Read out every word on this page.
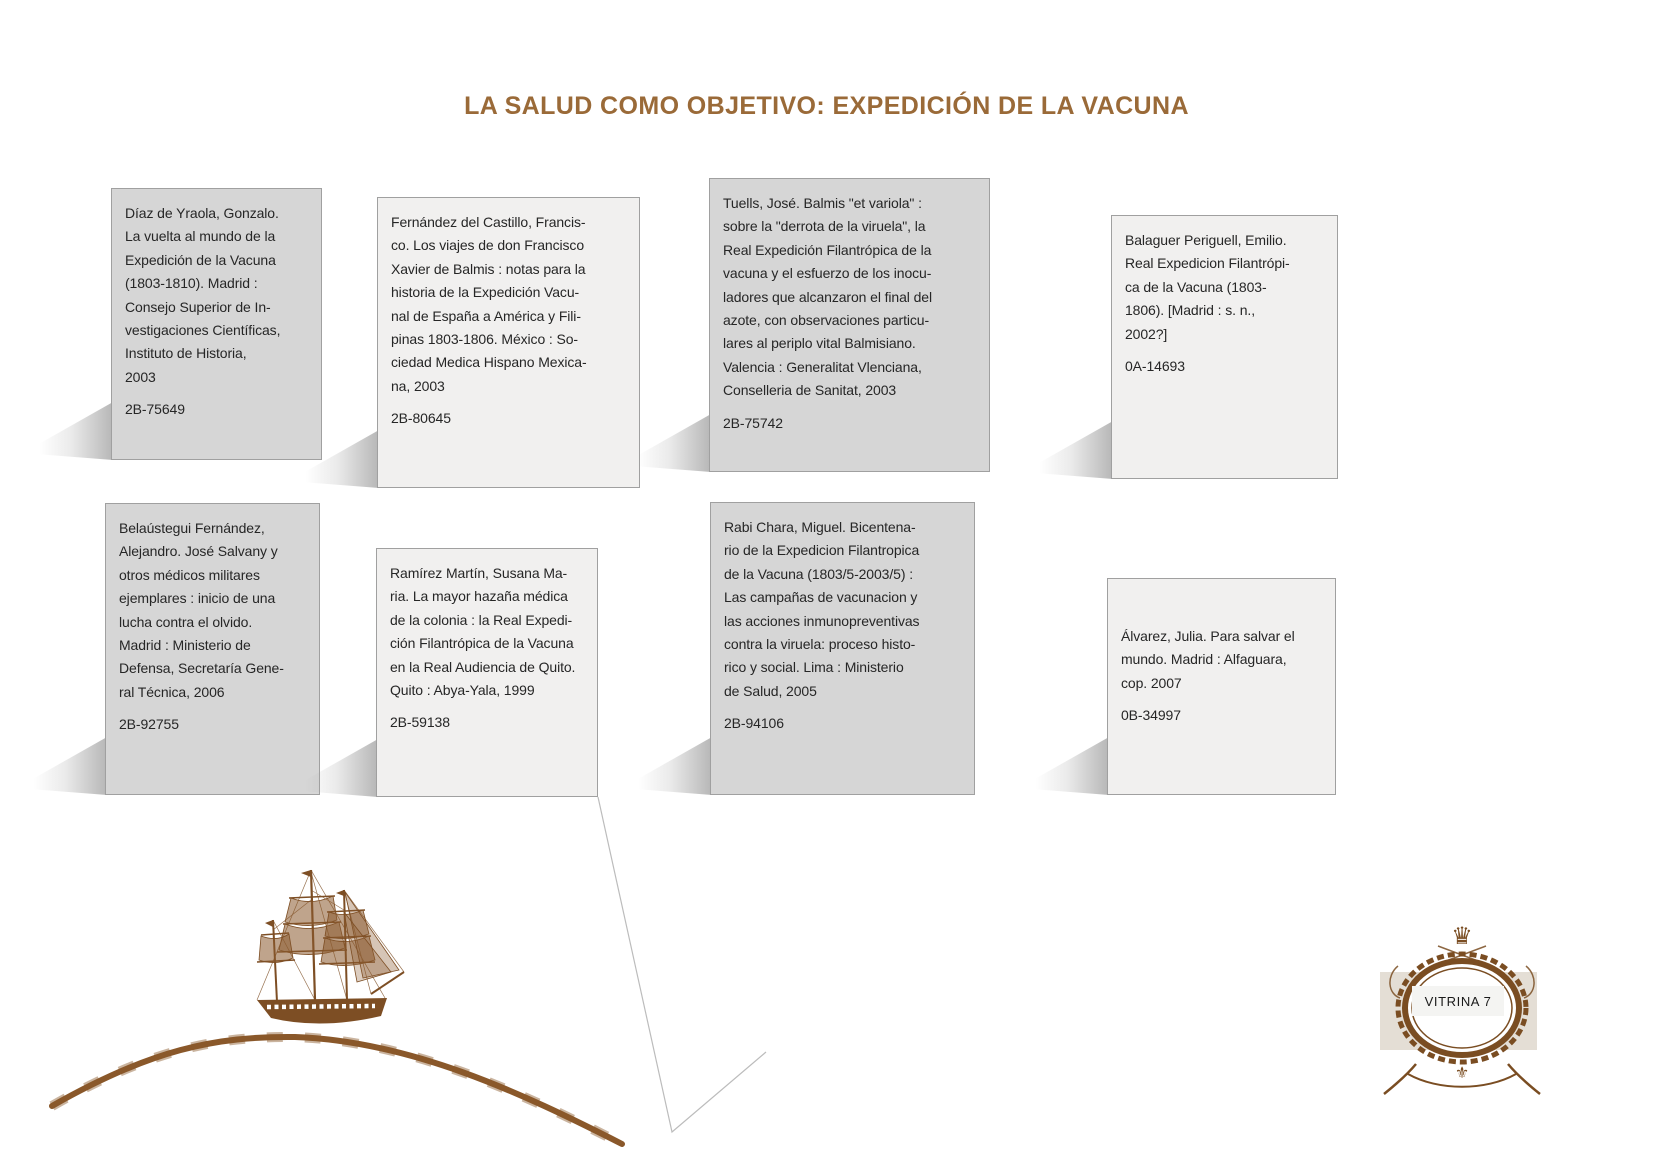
LA SALUD COMO OBJETIVO: EXPEDICIÓN DE LA VACUNA
Díaz de Yraola, Gonzalo.
La vuelta al mundo de la
Expedición de la Vacuna
(1803-1810). Madrid :
Consejo Superior de In-
vestigaciones Científicas,
Instituto de Historia,
2003
2B-75649
Fernández del Castillo, Francis-
co. Los viajes de don Francisco
Xavier de Balmis : notas para la
historia de la Expedición Vacu-
nal de España a América y Fili-
pinas 1803-1806. México : So-
ciedad Medica Hispano Mexica-
na, 2003
2B-80645
Tuells, José. Balmis "et variola" :
sobre la "derrota de la viruela", la
Real Expedición Filantrópica de la
vacuna y el esfuerzo de los inocu-
ladores que alcanzaron el final del
azote, con observaciones particu-
lares al periplo vital Balmisiano.
Valencia : Generalitat Vlenciana,
Conselleria de Sanitat, 2003
2B-75742
Balaguer Periguell, Emilio.
Real Expedicion Filantrópi-
ca de la Vacuna (1803-
1806). [Madrid : s. n.,
2002?]
0A-14693
Belaústegui Fernández,
Alejandro. José Salvany y
otros médicos militares
ejemplares : inicio de una
lucha contra el olvido.
Madrid : Ministerio de
Defensa, Secretaría Gene-
ral Técnica, 2006
2B-92755
Ramírez Martín, Susana Ma-
ria. La mayor hazaña médica
de la colonia : la Real Expedi-
ción Filantrópica de la Vacuna
en la Real Audiencia de Quito.
Quito : Abya-Yala, 1999
2B-59138
Rabi Chara, Miguel. Bicentena-
rio de la Expedicion Filantropica
de la Vacuna (1803/5-2003/5) :
Las campañas de vacunacion y
las acciones inmunopreventivas
contra la viruela: proceso histo-
rico y social. Lima : Ministerio
de Salud, 2005
2B-94106
Álvarez, Julia. Para salvar el
mundo. Madrid : Alfaguara,
cop. 2007
0B-34997
♛
⚜
VITRINA 7
